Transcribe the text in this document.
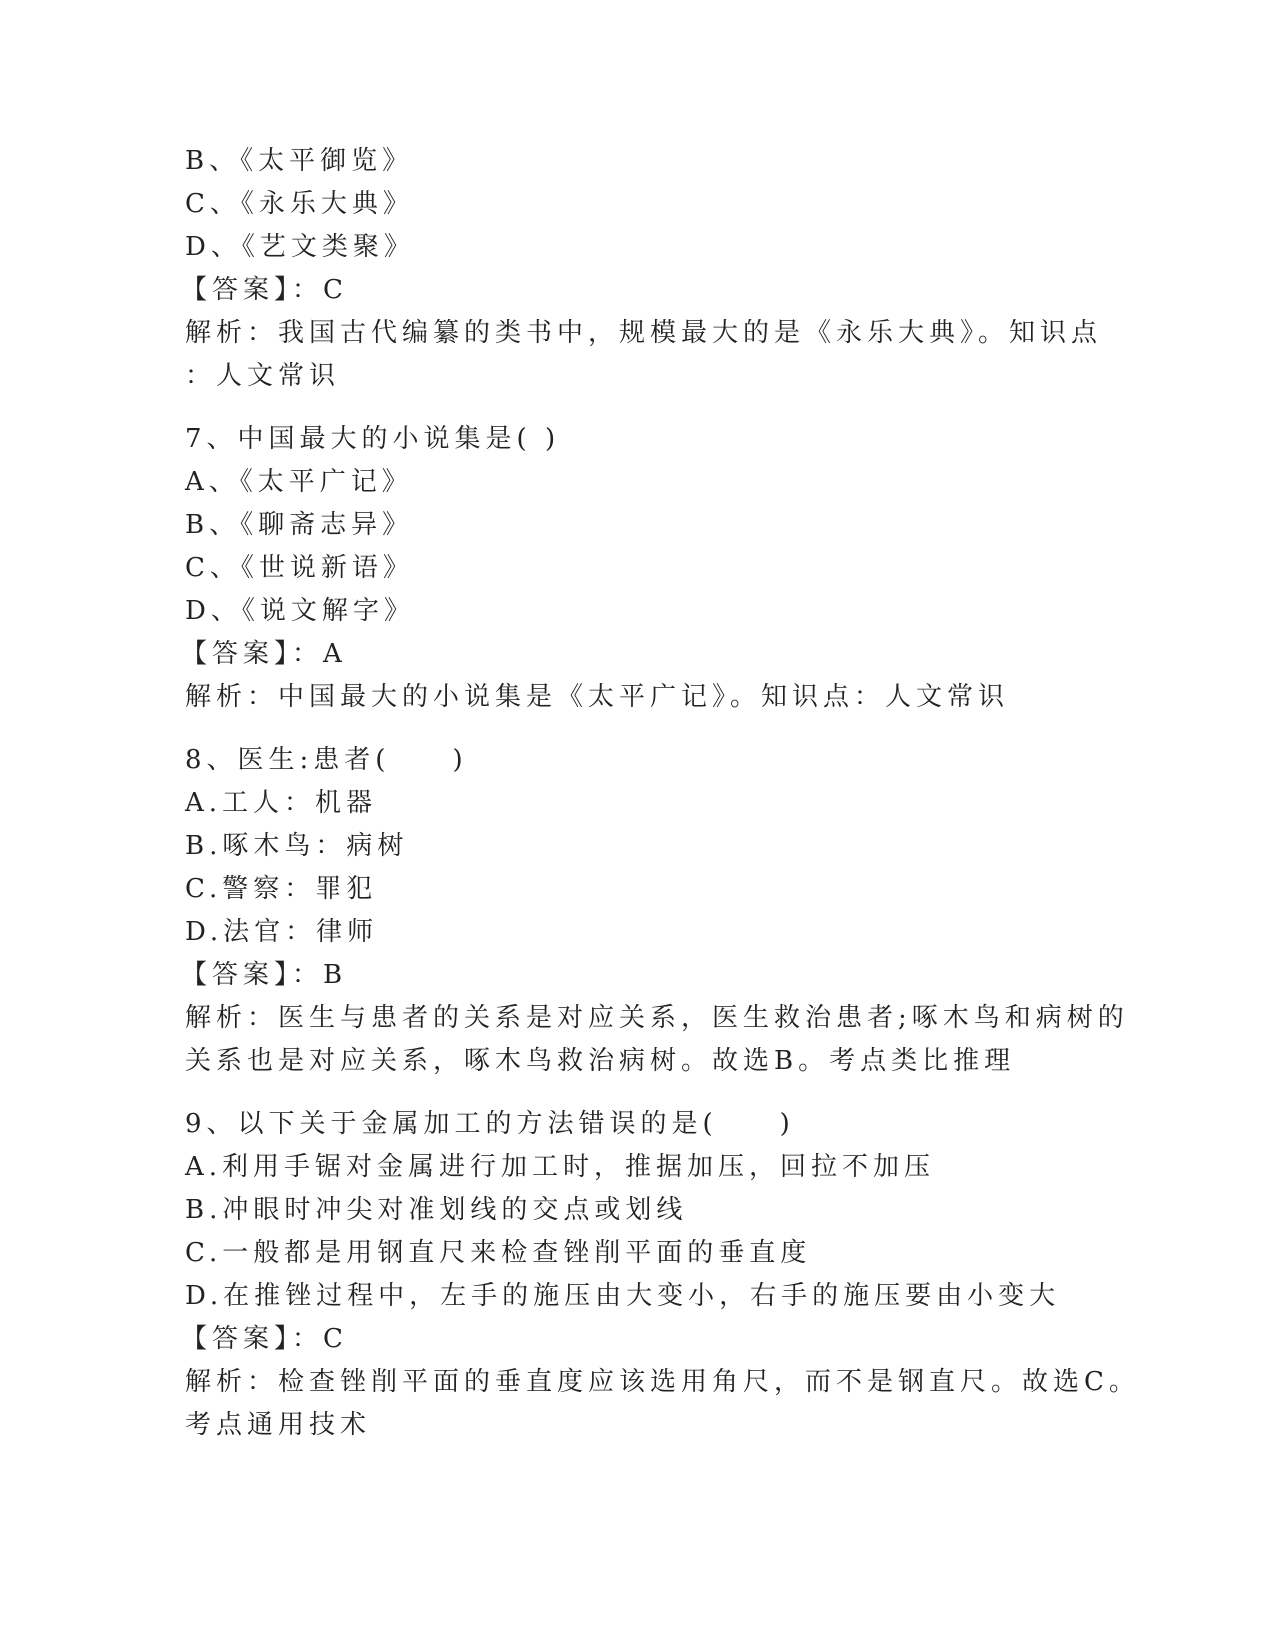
B、《太平御览》
C、《永乐大典》
D、《艺文类聚》
【答案】：C
解析：我国古代编纂的类书中，规模最大的是《永乐大典》。知识点
：人文常识
7、中国最大的小说集是( )
A、《太平广记》
B、《聊斋志异》
C、《世说新语》
D、《说文解字》
【答案】：A
解析：中国最大的小说集是《太平广记》。知识点：人文常识
8、医生:患者(　　)
A.工人：机器
B.啄木鸟：病树
C.警察：罪犯
D.法官：律师
【答案】：B
解析：医生与患者的关系是对应关系，医生救治患者;啄木鸟和病树的
关系也是对应关系，啄木鸟救治病树。故选B。考点类比推理
9、以下关于金属加工的方法错误的是(　　)
A.利用手锯对金属进行加工时，推据加压，回拉不加压
B.冲眼时冲尖对准划线的交点或划线
C.一般都是用钢直尺来检查锉削平面的垂直度
D.在推锉过程中，左手的施压由大变小，右手的施压要由小变大
【答案】：C
解析：检查锉削平面的垂直度应该选用角尺，而不是钢直尺。故选C。
考点通用技术
